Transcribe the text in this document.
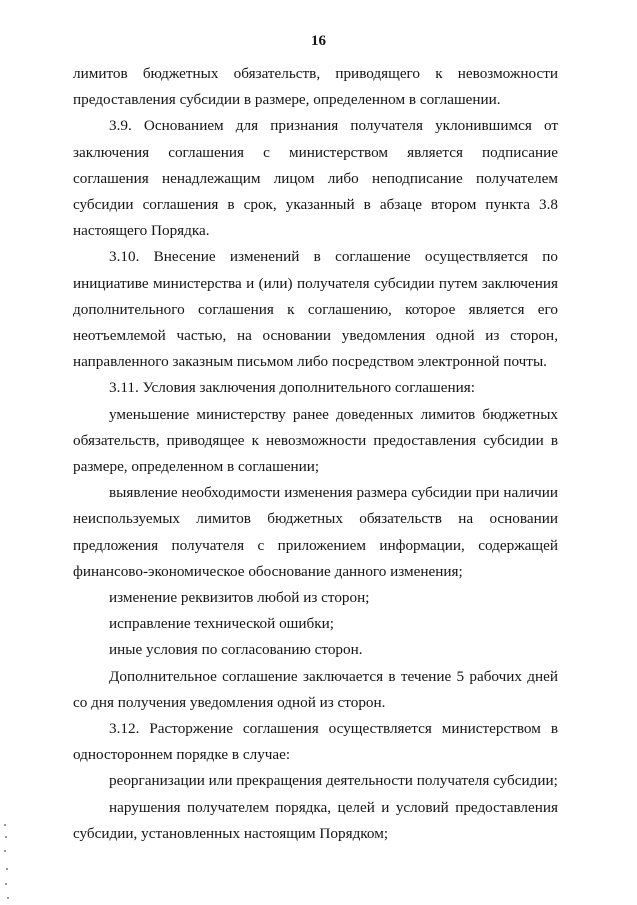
16

лимитов бюджетных обязательств, приводящего к невозможности предоставления субсидии в размере, определенном в соглашении.

3.9. Основанием для признания получателя уклонившимся от заключения соглашения с министерством является подписание соглашения ненадлежащим лицом либо неподписание получателем субсидии соглашения в срок, указанный в абзаце втором пункта 3.8 настоящего Порядка.

3.10. Внесение изменений в соглашение осуществляется по инициативе министерства и (или) получателя субсидии путем заключения дополнительного соглашения к соглашению, которое является его неотъемлемой частью, на основании уведомления одной из сторон, направленного заказным письмом либо посредством электронной почты.

3.11. Условия заключения дополнительного соглашения:

уменьшение министерству ранее доведенных лимитов бюджетных обязательств, приводящее к невозможности предоставления субсидии в размере, определенном в соглашении;

выявление необходимости изменения размера субсидии при наличии неиспользуемых лимитов бюджетных обязательств на основании предложения получателя с приложением информации, содержащей финансово-экономическое обоснование данного изменения;

изменение реквизитов любой из сторон;

исправление технической ошибки;

иные условия по согласованию сторон.

Дополнительное соглашение заключается в течение 5 рабочих дней со дня получения уведомления одной из сторон.

3.12. Расторжение соглашения осуществляется министерством в одностороннем порядке в случае:

реорганизации или прекращения деятельности получателя субсидии;

нарушения получателем порядка, целей и условий предоставления субсидии, установленных настоящим Порядком;
